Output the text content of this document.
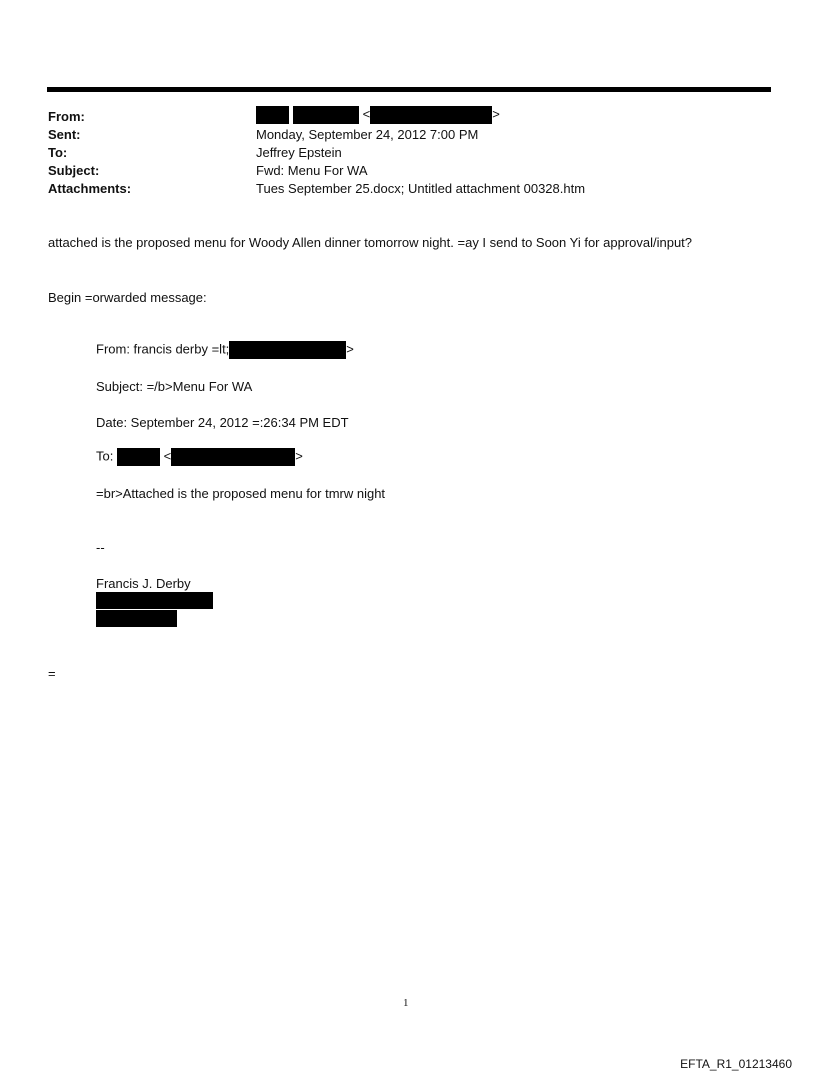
From:	<	>
Sent:	Monday, September 24, 2012 7:00 PM
To:	Jeffrey Epstein
Subject:	Fwd: Menu For WA
Attachments:	Tues September 25.docx; Untitled attachment 00328.htm
attached is the proposed menu for Woody Allen dinner tomorrow night. =ay I send to Soon Yi for approval/input?
Begin =orwarded message:
From: francis derby =lt;	>
Subject: =/b>Menu For WA
Date: September 24, 2012 =:26:34 PM EDT
To:	<	>
=br>Attached is the proposed menu for tmrw night
--
Francis J. Derby
=
1
EFTA_R1_01213460
